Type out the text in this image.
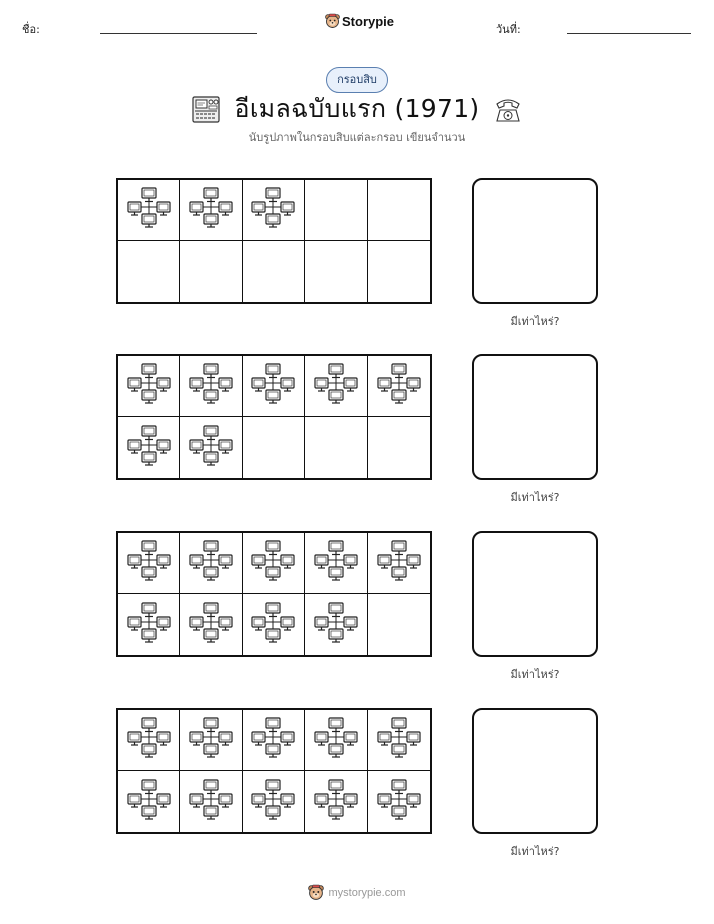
ชื่อ:
Storypie
วันที่:
กรอบสิบ
อีเมลฉบับแรก (1971)
นับรูปภาพในกรอบสิบแต่ละกรอบ เขียนจำนวน
มีเท่าไหร่?
มีเท่าไหร่?
มีเท่าไหร่?
มีเท่าไหร่?
mystorypie.com
